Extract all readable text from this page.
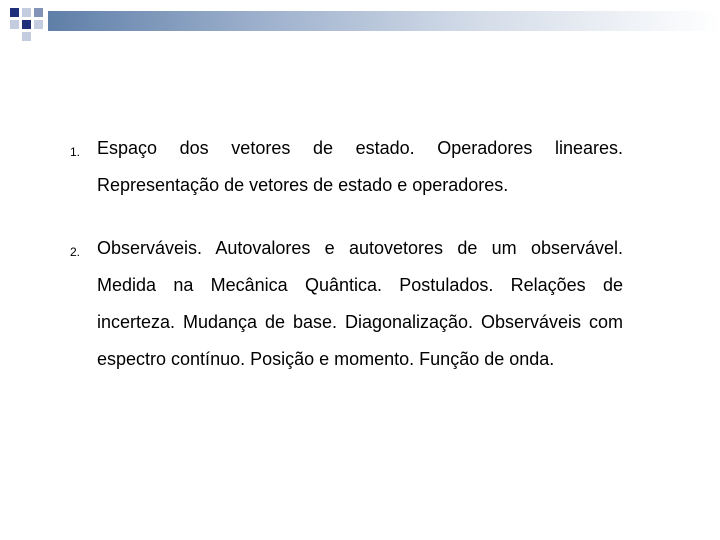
1. Espaço dos vetores de estado. Operadores lineares. Representação de vetores de estado e operadores.
2. Observáveis. Autovalores e autovetores de um observável. Medida na Mecânica Quântica. Postulados. Relações de incerteza. Mudança de base. Diagonalização. Observáveis com espectro contínuo. Posição e momento. Função de onda.
